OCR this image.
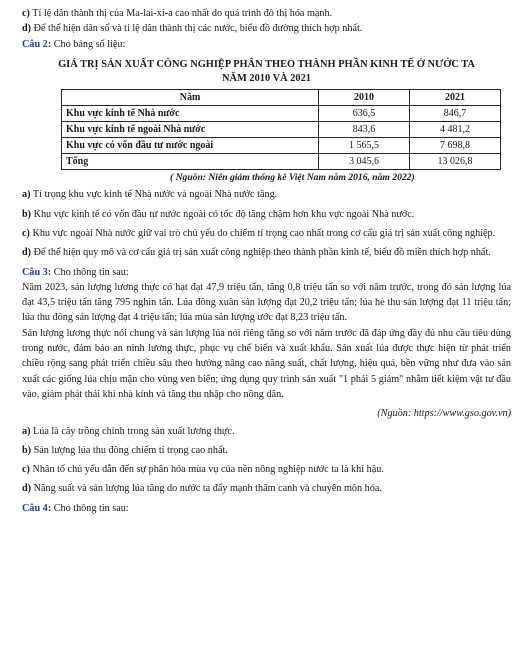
c) Tỉ lệ dân thành thị của Ma-lai-xi-a cao nhất do quá trình đô thị hóa mạnh.

d) Để thể hiện dân số và tỉ lệ dân thành thị các nước, biểu đồ đường thích hợp nhất.

Câu 2: Cho bảng số liệu:

GIÁ TRỊ SẢN XUẤT CÔNG NGHIỆP PHÂN THEO THÀNH PHẦN KINH TẾ Ở NƯỚC TA
NĂM 2010 VÀ 2021
Năm	2010	2021
Khu vực kinh tế Nhà nước	636,5	846,7
Khu vực kinh tế ngoài Nhà nước	843,6	4 481,2
Khu vực có vốn đầu tư nước ngoài	1 565,5	7 698,8
Tổng	3 045,6	13 026,8
( Nguồn: Niên giám thống kê Việt Nam năm 2016, năm 2022)

a) Tỉ trọng khu vực kinh tế Nhà nước và ngoài Nhà nước tăng.

b) Khu vực kinh tế có vốn đầu tư nước ngoài có tốc độ tăng chậm hơn khu vực ngoài Nhà nước.

c) Khu vực ngoài Nhà nước giữ vai trò chủ yếu do chiếm tỉ trọng cao nhất trong cơ cấu giá trị sản xuất công nghiệp.

d) Để thể hiện quy mô và cơ cấu giá trị sản xuất công nghiệp theo thành phần kinh tế, biểu đồ miền thích hợp nhất.

Câu 3: Cho thông tin sau:

Năm 2023, sản lượng lương thực có hạt đạt 47,9 triệu tấn, tăng 0,8 triệu tấn so với năm trước, trong đó sản lượng lúa đạt 43,5 triệu tấn tăng 795 nghìn tấn. Lúa đông xuân sản lượng đạt 20,2 triệu tấn; lúa hè thu sản lượng đạt 11 triệu tấn; lúa thu đông sản lượng đạt 4 triệu tấn; lúa mùa sản lượng ước đạt 8,23 triệu tấn.

Sản lượng lương thực nói chung và sản lượng lúa nói riêng tăng so với năm trước đã đáp ứng đầy đủ nhu cầu tiêu dùng trong nước, đảm bảo an ninh lương thực, phục vụ chế biến và xuất khẩu. Sản xuất lúa được thực hiện từ phát triển chiều rộng sang phát triển chiều sâu theo hướng nâng cao năng suất, chất lượng, hiệu quả, bền vững như đưa vào sản xuất các giống lúa chịu mặn cho vùng ven biển; ứng dụng quy trình sản xuất "1 phải 5 giảm" nhằm tiết kiệm vật tư đầu vào, giảm phát thải khí nhà kính và tăng thu nhập cho nông dân.

(Nguồn: https://www.gso.gov.vn)

a) Lúa là cây trồng chính trong sản xuất lương thực.

b) Sản lượng lúa thu đông chiếm tỉ trọng cao nhất.

c) Nhân tố chủ yếu dẫn đến sự phân hóa mùa vụ của nền nông nghiệp nước ta là khí hậu.

d) Năng suất và sản lượng lúa tăng do nước ta đẩy mạnh thâm canh và chuyên môn hóa.

Câu 4: Cho thông tin sau:
